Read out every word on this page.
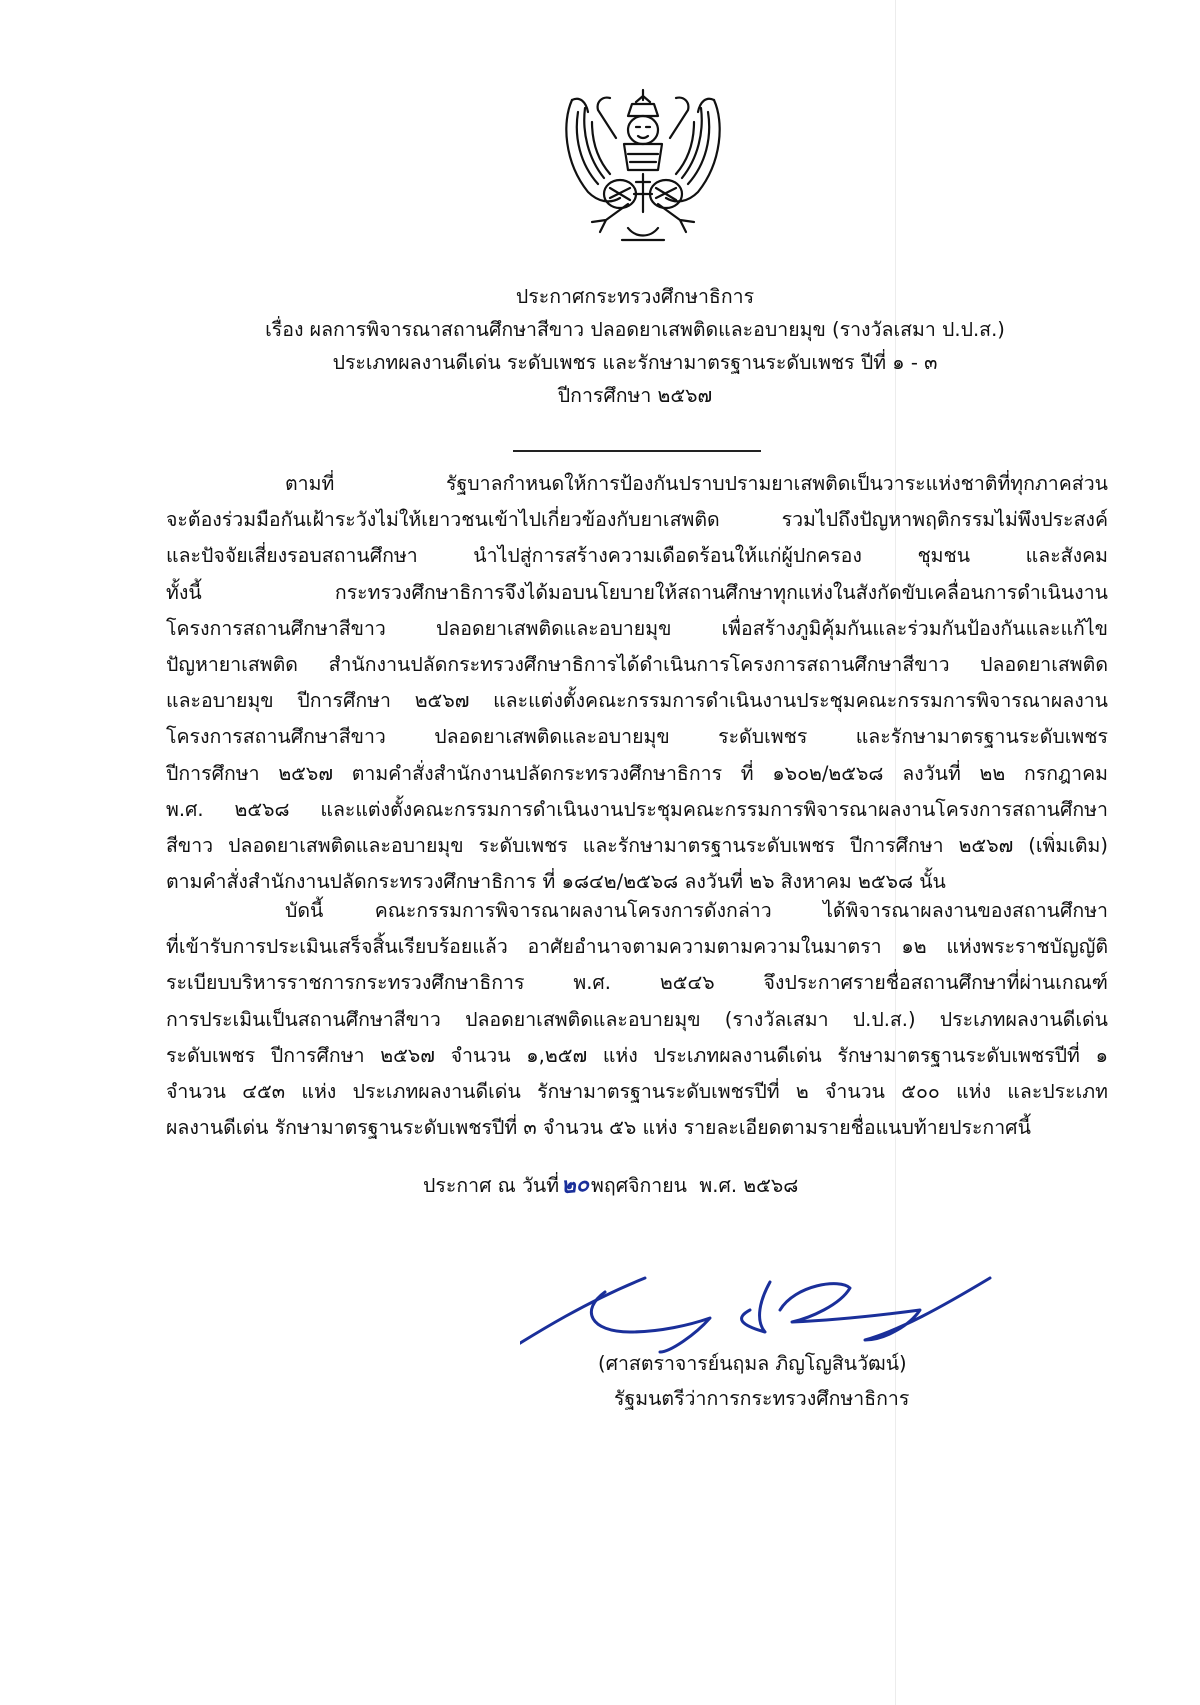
ประกาศกระทรวงศึกษาธิการ
เรื่อง ผลการพิจารณาสถานศึกษาสีขาว ปลอดยาเสพติดและอบายมุข (รางวัลเสมา ป.ป.ส.)
ประเภทผลงานดีเด่น ระดับเพชร และรักษามาตรฐานระดับเพชร ปีที่ ๑ - ๓
ปีการศึกษา ๒๕๖๗
ตามที่ รัฐบาลกำหนดให้การป้องกันปราบปรามยาเสพติดเป็นวาระแห่งชาติที่ทุกภาคส่วน
จะต้องร่วมมือกันเฝ้าระวังไม่ให้เยาวชนเข้าไปเกี่ยวข้องกับยาเสพติด รวมไปถึงปัญหาพฤติกรรมไม่พึงประสงค์
และปัจจัยเสี่ยงรอบสถานศึกษา นำไปสู่การสร้างความเดือดร้อนให้แก่ผู้ปกครอง ชุมชน และสังคม
ทั้งนี้ กระทรวงศึกษาธิการจึงได้มอบนโยบายให้สถานศึกษาทุกแห่งในสังกัดขับเคลื่อนการดำเนินงาน
โครงการสถานศึกษาสีขาว ปลอดยาเสพติดและอบายมุข เพื่อสร้างภูมิคุ้มกันและร่วมกันป้องกันและแก้ไข
ปัญหายาเสพติด สำนักงานปลัดกระทรวงศึกษาธิการได้ดำเนินการโครงการสถานศึกษาสีขาว ปลอดยาเสพติด
และอบายมุข ปีการศึกษา ๒๕๖๗ และแต่งตั้งคณะกรรมการดำเนินงานประชุมคณะกรรมการพิจารณาผลงาน
โครงการสถานศึกษาสีขาว ปลอดยาเสพติดและอบายมุข ระดับเพชร และรักษามาตรฐานระดับเพชร
ปีการศึกษา ๒๕๖๗ ตามคำสั่งสำนักงานปลัดกระทรวงศึกษาธิการ ที่ ๑๖๐๒/๒๕๖๘ ลงวันที่ ๒๒ กรกฎาคม
พ.ศ. ๒๕๖๘ และแต่งตั้งคณะกรรมการดำเนินงานประชุมคณะกรรมการพิจารณาผลงานโครงการสถานศึกษา
สีขาว ปลอดยาเสพติดและอบายมุข ระดับเพชร และรักษามาตรฐานระดับเพชร ปีการศึกษา ๒๕๖๗ (เพิ่มเติม)
ตามคำสั่งสำนักงานปลัดกระทรวงศึกษาธิการ ที่ ๑๘๔๒/๒๕๖๘ ลงวันที่ ๒๖ สิงหาคม ๒๕๖๘ นั้น
บัดนี้ คณะกรรมการพิจารณาผลงานโครงการดังกล่าว ได้พิจารณาผลงานของสถานศึกษา
ที่เข้ารับการประเมินเสร็จสิ้นเรียบร้อยแล้ว อาศัยอำนาจตามความตามความในมาตรา ๑๒ แห่งพระราชบัญญัติ
ระเบียบบริหารราชการกระทรวงศึกษาธิการ พ.ศ. ๒๕๔๖ จึงประกาศรายชื่อสถานศึกษาที่ผ่านเกณฑ์
การประเมินเป็นสถานศึกษาสีขาว ปลอดยาเสพติดและอบายมุข (รางวัลเสมา ป.ป.ส.) ประเภทผลงานดีเด่น
ระดับเพชร ปีการศึกษา ๒๕๖๗ จำนวน ๑,๒๕๗ แห่ง ประเภทผลงานดีเด่น รักษามาตรฐานระดับเพชรปีที่ ๑
จำนวน ๔๕๓ แห่ง ประเภทผลงานดีเด่น รักษามาตรฐานระดับเพชรปีที่ ๒ จำนวน ๕๐๐ แห่ง และประเภท
ผลงานดีเด่น รักษามาตรฐานระดับเพชรปีที่ ๓ จำนวน ๕๖ แห่ง รายละเอียดตามรายชื่อแนบท้ายประกาศนี้
ประกาศ ณ วันที่๒๐พฤศจิกายน พ.ศ. ๒๕๖๘
(ศาสตราจารย์นฤมล ภิญโญสินวัฒน์)
รัฐมนตรีว่าการกระทรวงศึกษาธิการ
